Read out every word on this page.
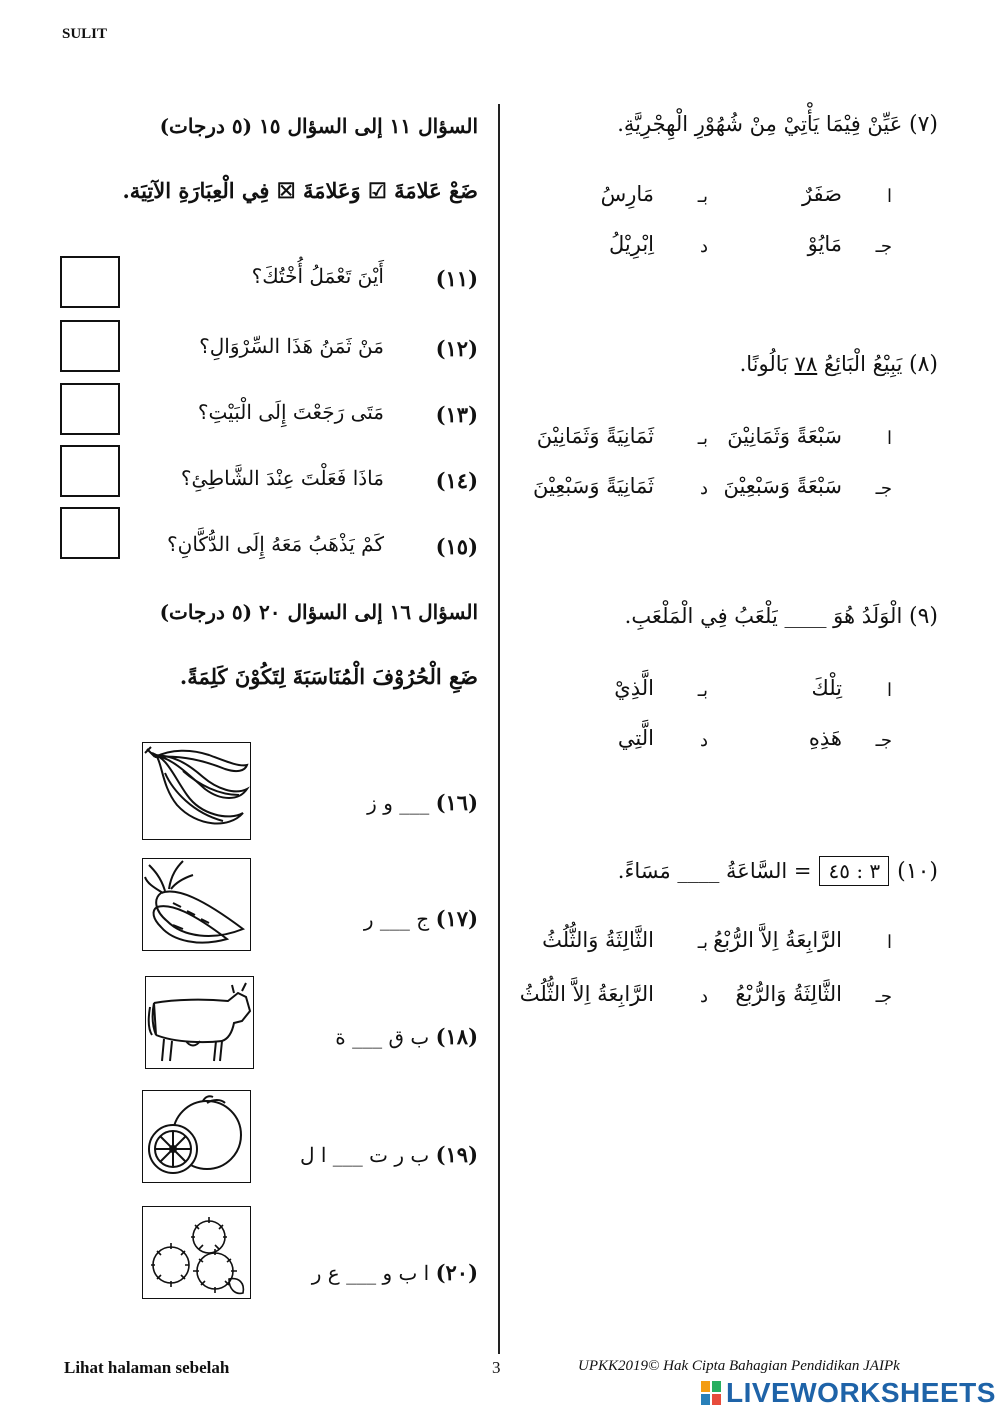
SULIT
(٧) عَيِّنْ فِيْمَا يَأْتِيْ مِنْ شُهُوْرِ الْهِجْرِيَّةِ.
ا
صَفَرٌ
بـ
مَارِسُ
جـ
مَايُوْ
د
اِبْرِيْلُ
(٨) يَبِيْعُ الْبَائِعُ ٧٨ بَالُونًا.
ا
سَبْعَةً وَثَمَانِيْنَ
بـ
ثَمَانِيَةً وَثَمَانِيْنَ
جـ
سَبْعَةً وَسَبْعِيْنَ
د
ثَمَانِيَةً وَسَبْعِيْنَ
(٩) الْوَلَدُ هُوَ ____ يَلْعَبُ فِي الْمَلْعَبِ.
ا
تِلْكَ
بـ
الَّذِيْ
جـ
هَذِهِ
د
الَّتِي
(١٠)
٣ : ٤٥
= السَّاعَةُ ____ مَسَاءً.
ا
الرَّابِعَةُ اِلاَّ الرُّبْعُ
بـ
الثَّالِثَةُ وَالثُّلُثُ
جـ
الثَّالِثَةُ وَالرُّبْعُ
د
الرَّابِعَةُ اِلاَّ الثُّلُثُ
السؤال ١١ إلى السؤال ١٥ (٥ درجات)
ضَعْ عَلامَةَ ☑ وَعَلامَةَ ☒ فِي الْعِبَارَةِ الآتِيَة.
أَيْنَ تَعْمَلُ أُخْتُكَ؟ (١١)
مَنْ ثَمَنُ هَذَا السِّرْوَالِ؟ (١٢)
مَتَى رَجَعْتَ إِلَى الْبَيْتِ؟ (١٣)
مَاذَا فَعَلْتَ عِنْدَ الشَّاطِئِ؟ (١٤)
كَمْ يَذْهَبُ مَعَهُ إِلَى الدُّكَّانِ؟ (١٥)
السؤال ١٦ إلى السؤال ٢٠ (٥ درجات)
ضَعِ الْحُرُوْفَ الْمُنَاسَبَةَ لِتَكُوْنَ كَلِمَةً.
(١٦) ___ و ز
(١٧) ج ___ ر
(١٨) ب ق ___ ة
(١٩) ب ر ت ___ ا ل
(٢٠) ا ب و ___ ع ر
Lihat halaman sebelah	3	UPKK2019© Hak Cipta Bahagian Pendidikan JAIPk
LIVEWORKSHEETS
